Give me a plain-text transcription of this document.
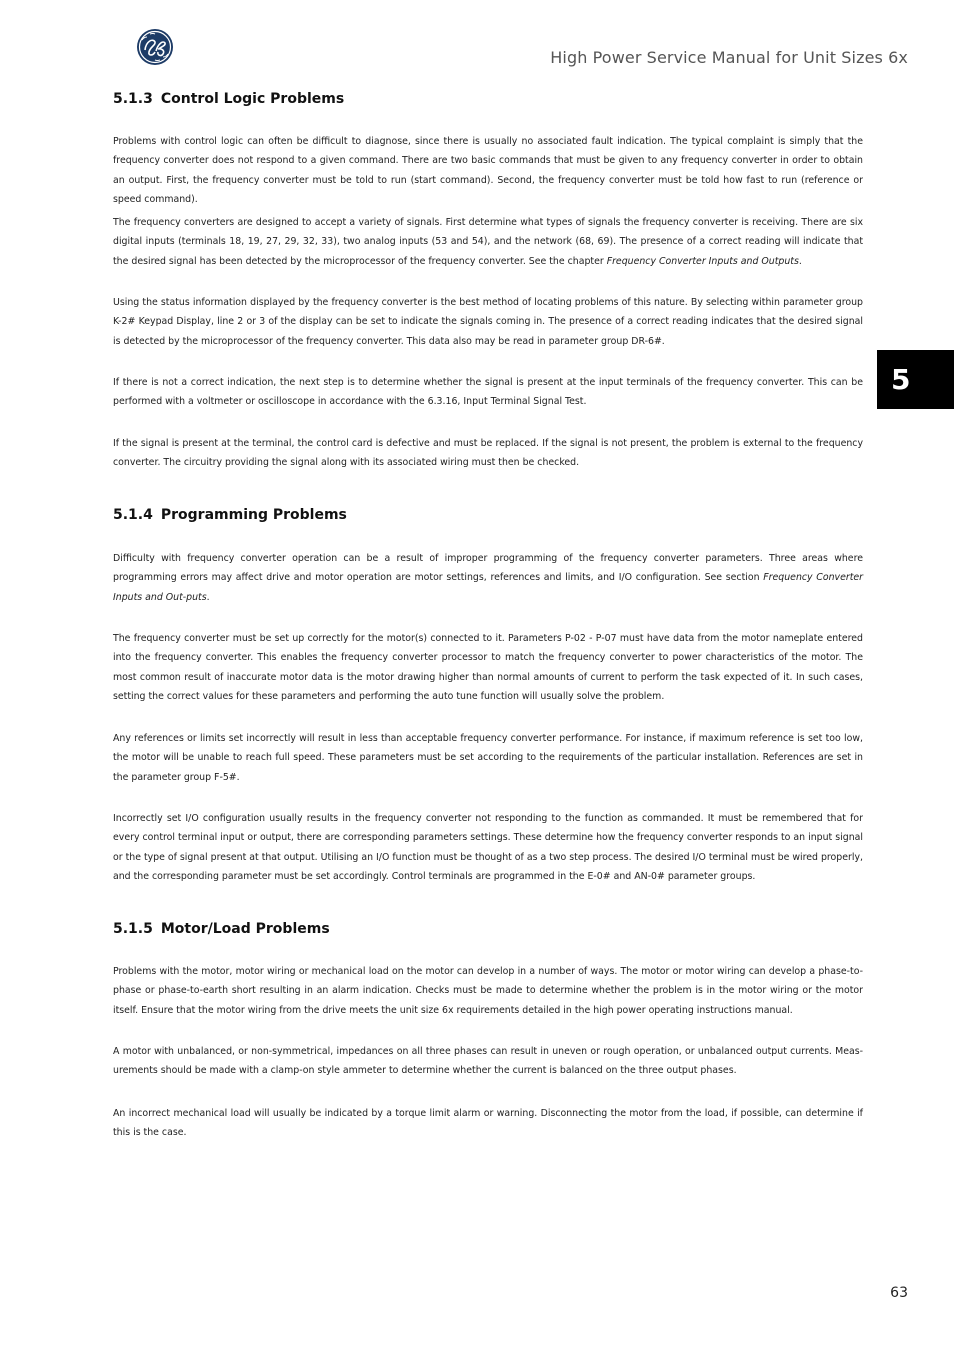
High Power Service Manual for Unit Sizes 6x
5
5.1.3 Control Logic Problems

Problems with control logic can often be difficult to diagnose, since there is usually no associated fault indication. The typical complaint is simply that the frequency converter does not respond to a given command. There are two basic commands that must be given to any frequency converter in order to obtain an output. First, the frequency converter must be told to run (start command). Second, the frequency converter must be told how fast to run (reference or speed command).

The frequency converters are designed to accept a variety of signals. First determine what types of signals the frequency converter is receiving. There are six digital inputs (terminals 18, 19, 27, 29, 32, 33), two analog inputs (53 and 54), and the network (68, 69). The presence of a correct reading will indicate that the desired signal has been detected by the microprocessor of the frequency converter. See the chapter Frequency Converter Inputs and Outputs.

Using the status information displayed by the frequency converter is the best method of locating problems of this nature. By selecting within parameter group K-2# Keypad Display, line 2 or 3 of the display can be set to indicate the signals coming in. The presence of a correct reading indicates that the desired signal is detected by the microprocessor of the frequency converter. This data also may be read in parameter group DR-6#.

If there is not a correct indication, the next step is to determine whether the signal is present at the input terminals of the frequency converter. This can be performed with a voltmeter or oscilloscope in accordance with the 6.3.16, Input Terminal Signal Test.

If the signal is present at the terminal, the control card is defective and must be replaced. If the signal is not present, the problem is external to the frequency converter. The circuitry providing the signal along with its associated wiring must then be checked.

5.1.4 Programming Problems

Difficulty with frequency converter operation can be a result of improper programming of the frequency converter parameters. Three areas where programming errors may affect drive and motor operation are motor settings, references and limits, and I/O configuration. See section Frequency Converter Inputs and Out-puts.

The frequency converter must be set up correctly for the motor(s) connected to it. Parameters P-02 - P-07 must have data from the motor nameplate entered into the frequency converter. This enables the frequency converter processor to match the frequency converter to power characteristics of the motor. The most common result of inaccurate motor data is the motor drawing higher than normal amounts of current to perform the task expected of it. In such cases, setting the correct values for these parameters and performing the auto tune function will usually solve the problem.

Any references or limits set incorrectly will result in less than acceptable frequency converter performance. For instance, if maximum reference is set too low, the motor will be unable to reach full speed. These parameters must be set according to the requirements of the particular installation. References are set in the parameter group F-5#.

Incorrectly set I/O configuration usually results in the frequency converter not responding to the function as commanded. It must be remembered that for every control terminal input or output, there are corresponding parameters settings. These determine how the frequency converter responds to an input signal or the type of signal present at that output. Utilising an I/O function must be thought of as a two step process. The desired I/O terminal must be wired properly, and the corresponding parameter must be set accordingly. Control terminals are programmed in the E-0# and AN-0# parameter groups.

5.1.5 Motor/Load Problems

Problems with the motor, motor wiring or mechanical load on the motor can develop in a number of ways. The motor or motor wiring can develop a phase-to-phase or phase-to-earth short resulting in an alarm indication. Checks must be made to determine whether the problem is in the motor wiring or the motor itself. Ensure that the motor wiring from the drive meets the unit size 6x requirements detailed in the high power operating instructions manual.

A motor with unbalanced, or non-symmetrical, impedances on all three phases can result in uneven or rough operation, or unbalanced output currents. Meas-urements should be made with a clamp-on style ammeter to determine whether the current is balanced on the three output phases.

An incorrect mechanical load will usually be indicated by a torque limit alarm or warning. Disconnecting the motor from the load, if possible, can determine if this is the case.

63
